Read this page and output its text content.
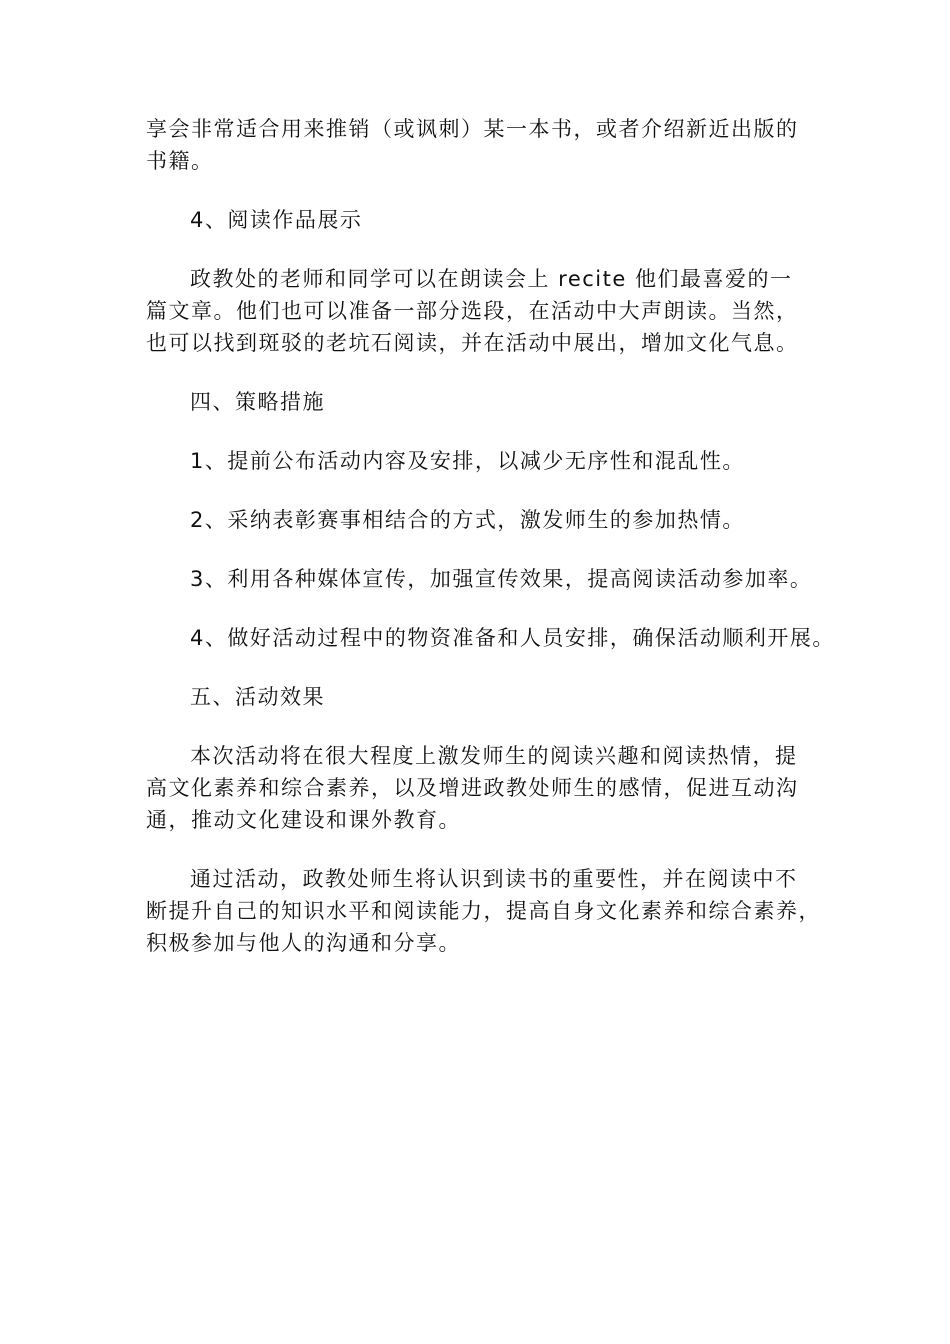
享会非常适合用来推销（或讽刺）某一本书，或者介绍新近出版的
书籍。

4、阅读作品展示

政教处的老师和同学可以在朗读会上 recite 他们最喜爱的一
篇文章。他们也可以准备一部分选段，在活动中大声朗读。当然，
也可以找到斑驳的老坑石阅读，并在活动中展出，增加文化气息。

四、策略措施

1、提前公布活动内容及安排，以减少无序性和混乱性。

2、采纳表彰赛事相结合的方式，激发师生的参加热情。

3、利用各种媒体宣传，加强宣传效果，提高阅读活动参加率。

4、做好活动过程中的物资准备和人员安排，确保活动顺利开展。

五、活动效果

本次活动将在很大程度上激发师生的阅读兴趣和阅读热情，提
高文化素养和综合素养，以及增进政教处师生的感情，促进互动沟
通，推动文化建设和课外教育。

通过活动，政教处师生将认识到读书的重要性，并在阅读中不
断提升自己的知识水平和阅读能力，提高自身文化素养和综合素养，
积极参加与他人的沟通和分享。
